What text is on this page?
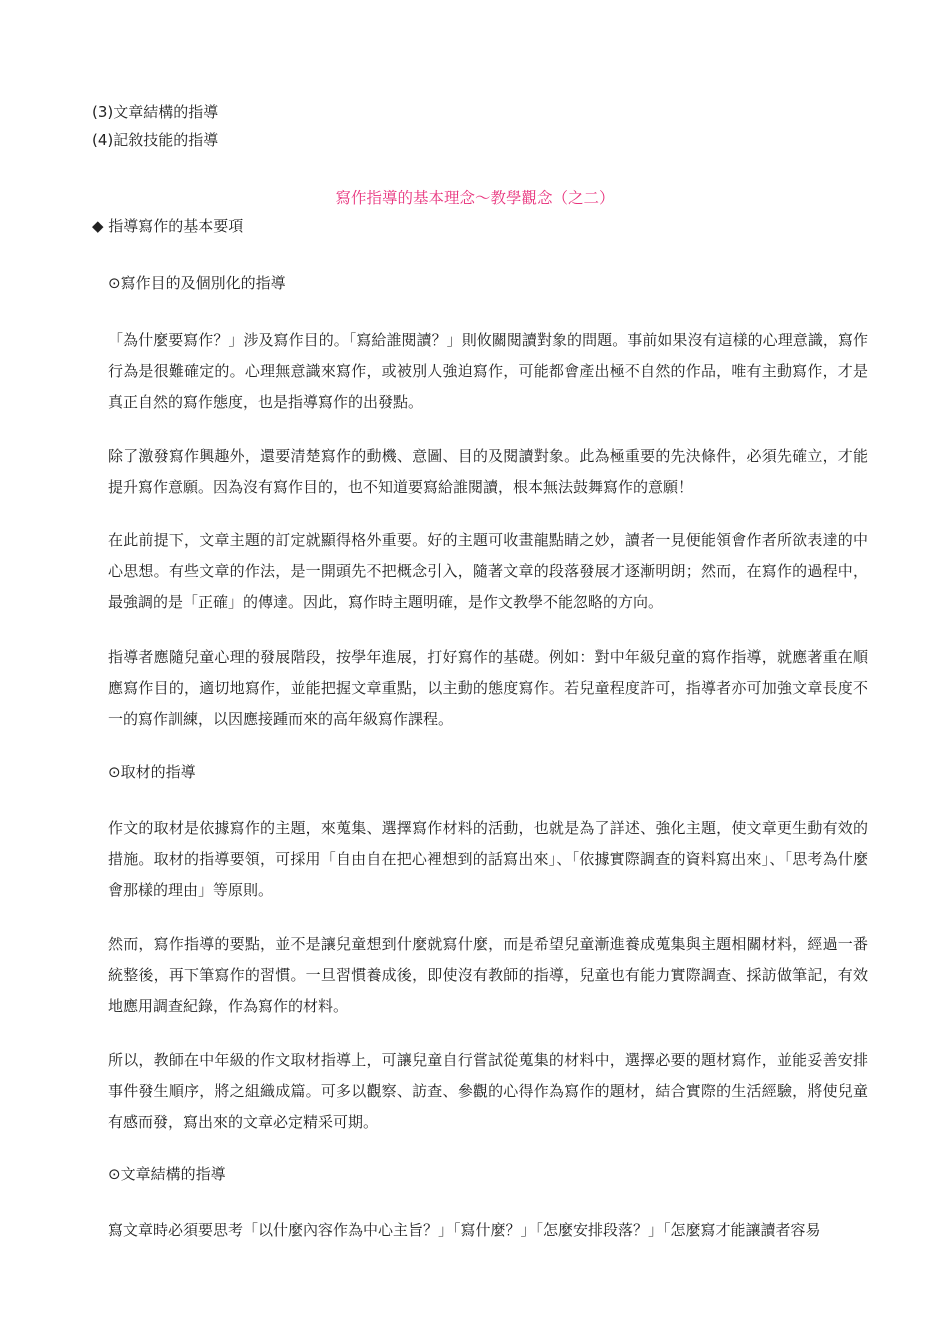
(3)文章結構的指導
(4)記敘技能的指導
寫作指導的基本理念～教學觀念（之二）
◆ 指導寫作的基本要項
⊙寫作目的及個別化的指導
「為什麼要寫作？」涉及寫作目的。「寫給誰閱讀？」則攸關閱讀對象的問題。事前如果沒有這樣的心理意識，寫作行為是很難確定的。心理無意識來寫作，或被別人強迫寫作，可能都會產出極不自然的作品，唯有主動寫作，才是真正自然的寫作態度，也是指導寫作的出發點。
除了激發寫作興趣外，還要清楚寫作的動機、意圖、目的及閱讀對象。此為極重要的先決條件，必須先確立，才能提升寫作意願。因為沒有寫作目的，也不知道要寫給誰閱讀，根本無法鼓舞寫作的意願！
在此前提下，文章主題的訂定就顯得格外重要。好的主題可收畫龍點睛之妙，讀者一見便能領會作者所欲表達的中心思想。有些文章的作法，是一開頭先不把概念引入，隨著文章的段落發展才逐漸明朗；然而，在寫作的過程中，最強調的是「正確」的傳達。因此，寫作時主題明確，是作文教學不能忽略的方向。
指導者應隨兒童心理的發展階段，按學年進展，打好寫作的基礎。例如：對中年級兒童的寫作指導，就應著重在順應寫作目的，適切地寫作，並能把握文章重點，以主動的態度寫作。若兒童程度許可，指導者亦可加強文章長度不一的寫作訓練，以因應接踵而來的高年級寫作課程。
⊙取材的指導
作文的取材是依據寫作的主題，來蒐集、選擇寫作材料的活動，也就是為了詳述、強化主題，使文章更生動有效的措施。取材的指導要領，可採用「自由自在把心裡想到的話寫出來」、「依據實際調查的資料寫出來」、「思考為什麼會那樣的理由」等原則。
然而，寫作指導的要點，並不是讓兒童想到什麼就寫什麼，而是希望兒童漸進養成蒐集與主題相關材料，經過一番統整後，再下筆寫作的習慣。一旦習慣養成後，即使沒有教師的指導，兒童也有能力實際調查、採訪做筆記，有效地應用調查紀錄，作為寫作的材料。
所以，教師在中年級的作文取材指導上，可讓兒童自行嘗試從蒐集的材料中，選擇必要的題材寫作，並能妥善安排事件發生順序，將之組織成篇。可多以觀察、訪查、參觀的心得作為寫作的題材，結合實際的生活經驗，將使兒童有感而發，寫出來的文章必定精采可期。
⊙文章結構的指導
寫文章時必須要思考「以什麼內容作為中心主旨？」「寫什麼？」「怎麼安排段落？」「怎麼寫才能讓讀者容易
